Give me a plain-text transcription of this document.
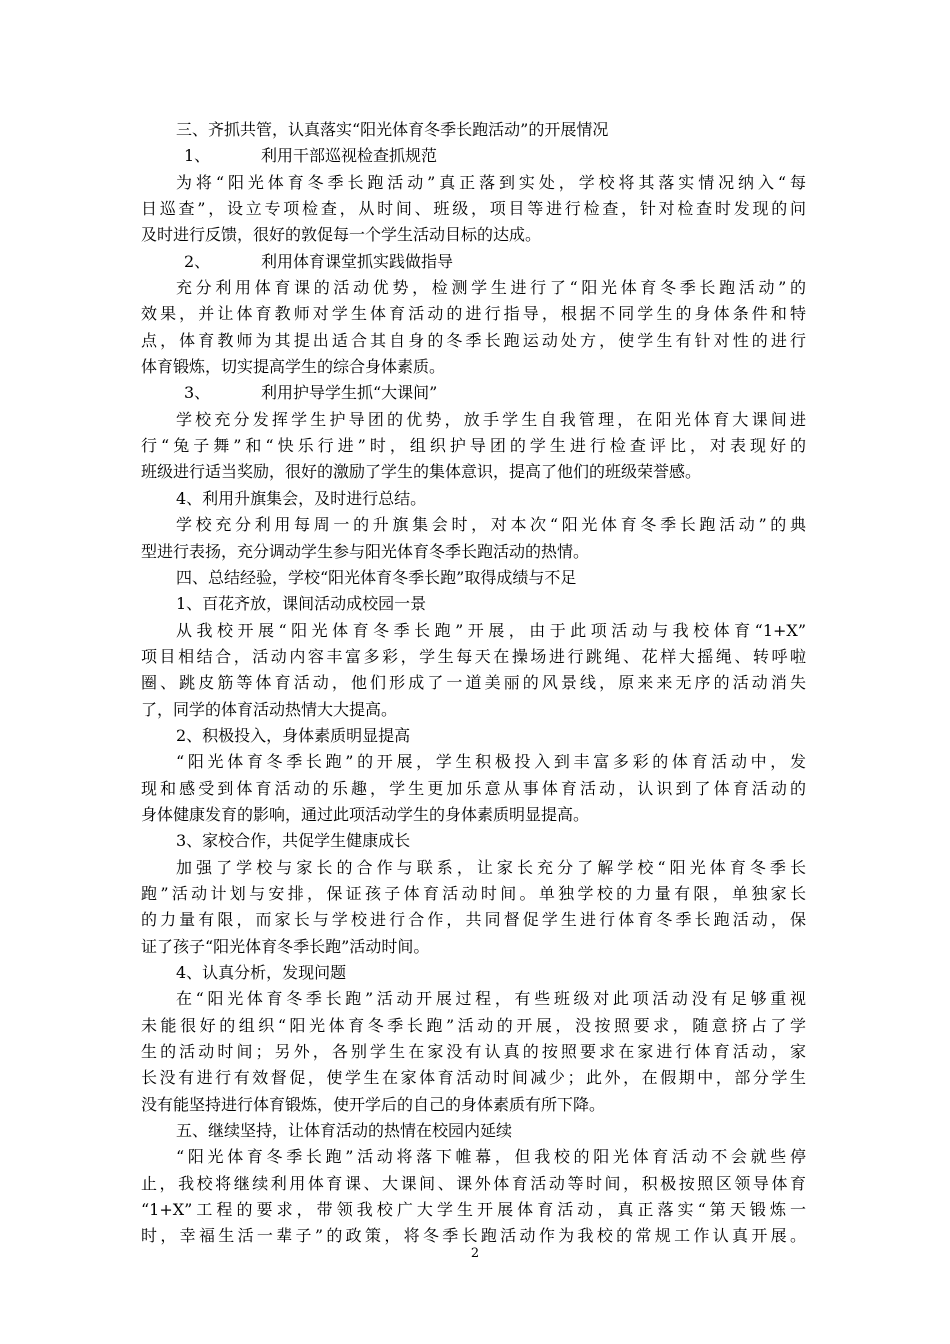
三、齐抓共管，认真落实“阳光体育冬季长跑活动”的开展情况
1、	利用干部巡视检查抓规范
为将“阳光体育冬季长跑活动”真正落到实处，学校将其落实情况纳入“每
日巡查”，设立专项检查，从时间、班级，项目等进行检查，针对检查时发现的问
及时进行反馈，很好的敦促每一个学生活动目标的达成。
2、	利用体育课堂抓实践做指导
充分利用体育课的活动优势，检测学生进行了“阳光体育冬季长跑活动”的
效果，并让体育教师对学生体育活动的进行指导，根据不同学生的身体条件和特
点，体育教师为其提出适合其自身的冬季长跑运动处方，使学生有针对性的进行
体育锻炼，切实提高学生的综合身体素质。
3、	利用护导学生抓“大课间”
学校充分发挥学生护导团的优势，放手学生自我管理，在阳光体育大课间进
行“兔子舞”和“快乐行进”时，组织护导团的学生进行检查评比，对表现好的
班级进行适当奖励，很好的激励了学生的集体意识，提高了他们的班级荣誉感。
4、利用升旗集会，及时进行总结。
学校充分利用每周一的升旗集会时，对本次“阳光体育冬季长跑活动”的典
型进行表扬，充分调动学生参与阳光体育冬季长跑活动的热情。
四、总结经验，学校“阳光体育冬季长跑”取得成绩与不足
1、百花齐放，课间活动成校园一景
从我校开展“阳光体育冬季长跑”开展，由于此项活动与我校体育“1+X”
项目相结合，活动内容丰富多彩，学生每天在操场进行跳绳、花样大摇绳、转呼啦
圈、跳皮筋等体育活动，他们形成了一道美丽的风景线，原来来无序的活动消失
了，同学的体育活动热情大大提高。
2、积极投入，身体素质明显提高
“阳光体育冬季长跑”的开展，学生积极投入到丰富多彩的体育活动中，发
现和感受到体育活动的乐趣，学生更加乐意从事体育活动，认识到了体育活动的
身体健康发育的影响，通过此项活动学生的身体素质明显提高。
3、家校合作，共促学生健康成长
加强了学校与家长的合作与联系，让家长充分了解学校“阳光体育冬季长
跑”活动计划与安排，保证孩子体育活动时间。单独学校的力量有限，单独家长
的力量有限，而家长与学校进行合作，共同督促学生进行体育冬季长跑活动，保
证了孩子“阳光体育冬季长跑”活动时间。
4、认真分析，发现问题
在“阳光体育冬季长跑”活动开展过程，有些班级对此项活动没有足够重视
未能很好的组织“阳光体育冬季长跑”活动的开展，没按照要求，随意挤占了学
生的活动时间；另外，各别学生在家没有认真的按照要求在家进行体育活动，家
长没有进行有效督促，使学生在家体育活动时间减少；此外，在假期中，部分学生
没有能坚持进行体育锻炼，使开学后的自己的身体素质有所下降。
五、继续坚持，让体育活动的热情在校园内延续
“阳光体育冬季长跑”活动将落下帷幕，但我校的阳光体育活动不会就些停
止，我校将继续利用体育课、大课间、课外体育活动等时间，积极按照区领导体育
“1+X”工程的要求，带领我校广大学生开展体育活动，真正落实“第天锻炼一
时，幸福生活一辈子”的政策，将冬季长跑活动作为我校的常规工作认真开展。
2
